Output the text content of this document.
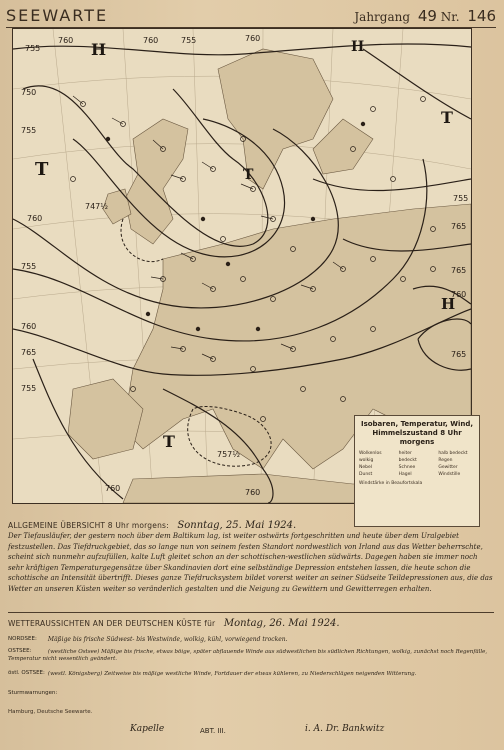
SEEWARTE	Jahrgang 49 Nr. 146
760
755
760	755	760
750
755
760
765
765
760
755
765	765
755
760
760
755
760
747½
757½
H
T
T
H
T
H
T
Isobaren, Temperatur, Wind,
Himmelszustand 8 Uhr morgens
Wolkenlos	heiter	halb bedeckt
wolkig	bedeckt	Regen
Nebel	Schnee	Gewitter
Dunst	Hagel	Windstille
Windstärke in Beaufortskala
ALLGEMEINE ÜBERSICHT 8 Uhr morgens: Sonntag, 25. Mai 1924.
Der Tiefausläufer, der gestern noch über dem Baltikum lag, ist weiter ostwärts fortgeschritten und heute über dem Uralgebiet festzustellen. Das Tiefdruckgebiet, das so lange nun von seinem festen Standort nordwestlich von Irland aus das Wetter beherrschte, scheint sich nunmehr aufzufüllen, kalte Luft gleitet schon an der schottischen-westlichen südwärts. Dagegen haben sie immer noch sehr kräftigen Temperaturgegensätze über Skandinavien dort eine selbständige Depression entstehen lassen, die heute schon die schottische an Intensität übertrifft. Dieses ganze Tiefdrucksystem bildet vorerst weiter an seiner Südseite Teildepressionen aus, die das Wetter an unseren Küsten weiter so veränderlich gestalten und die Neigung zu Gewittern und Gewitterregen erhalten.
WETTERAUSSICHTEN AN DER DEUTSCHEN KÜSTE für Montag, 26. Mai 1924.
NORDSEE: Mäßige bis frische Südwest- bis Westwinde, wolkig, kühl, vorwiegend trocken.
OSTSEE:	(westliche Ostsee) Mäßige bis frische, etwas böige, später abflauende Winde aus südwestlichen bis südlichen Richtungen, wolkig, zunächst noch Regenfälle, Temperatur nicht wesentlich geändert.
östl. OSTSEE: (westl. Königsberg) Zeitweise bis mäßige westliche Winde, Fortdauer der etwas kühleren, zu Niederschlägen neigenden Witterung.
Sturmwarnungen:
Hamburg, Deutsche Seewarte.
Kapelle	ABT. III.	i. A. Dr. Bankwitz
